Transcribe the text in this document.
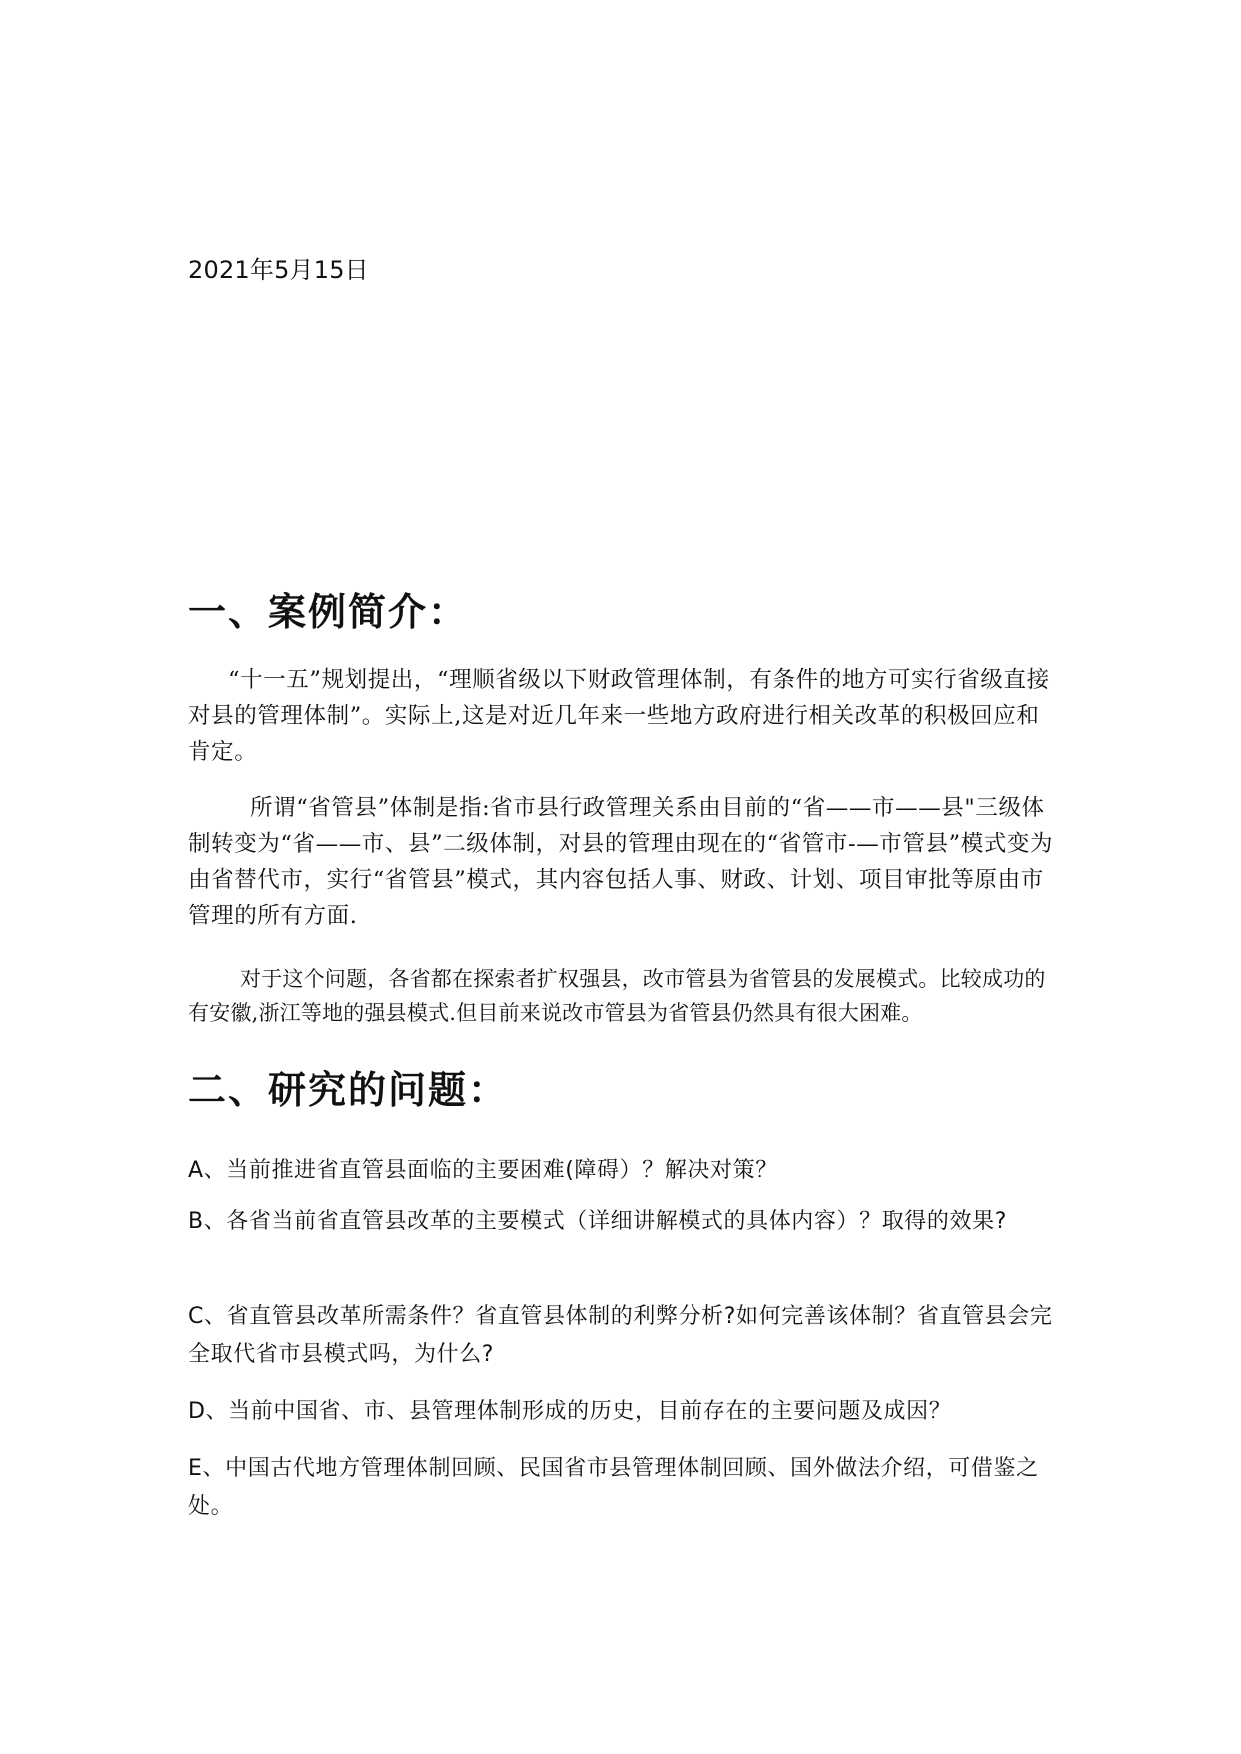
2021年5月15日
一、案例简介：

“十一五”规划提出，“理顺省级以下财政管理体制，有条件的地方可实行省级直接对县的管理体制”。实际上,这是对近几年来一些地方政府进行相关改革的积极回应和肯定。

所谓“省管县”体制是指:省市县行政管理关系由目前的“省——市——县"三级体制转变为“省——市、县”二级体制，对县的管理由现在的“省管市-—市管县”模式变为由省替代市，实行“省管县”模式，其内容包括人事、财政、计划、项目审批等原由市管理的所有方面.

对于这个问题，各省都在探索者扩权强县，改市管县为省管县的发展模式。比较成功的有安徽,浙江等地的强县模式.但目前来说改市管县为省管县仍然具有很大困难。

二、研究的问题：

A、当前推进省直管县面临的主要困难(障碍）？解决对策？

B、各省当前省直管县改革的主要模式（详细讲解模式的具体内容）？取得的效果?

C、省直管县改革所需条件？省直管县体制的利弊分析?如何完善该体制？省直管县会完全取代省市县模式吗，为什么?

D、当前中国省、市、县管理体制形成的历史，目前存在的主要问题及成因？

E、中国古代地方管理体制回顾、民国省市县管理体制回顾、国外做法介绍，可借鉴之处。
